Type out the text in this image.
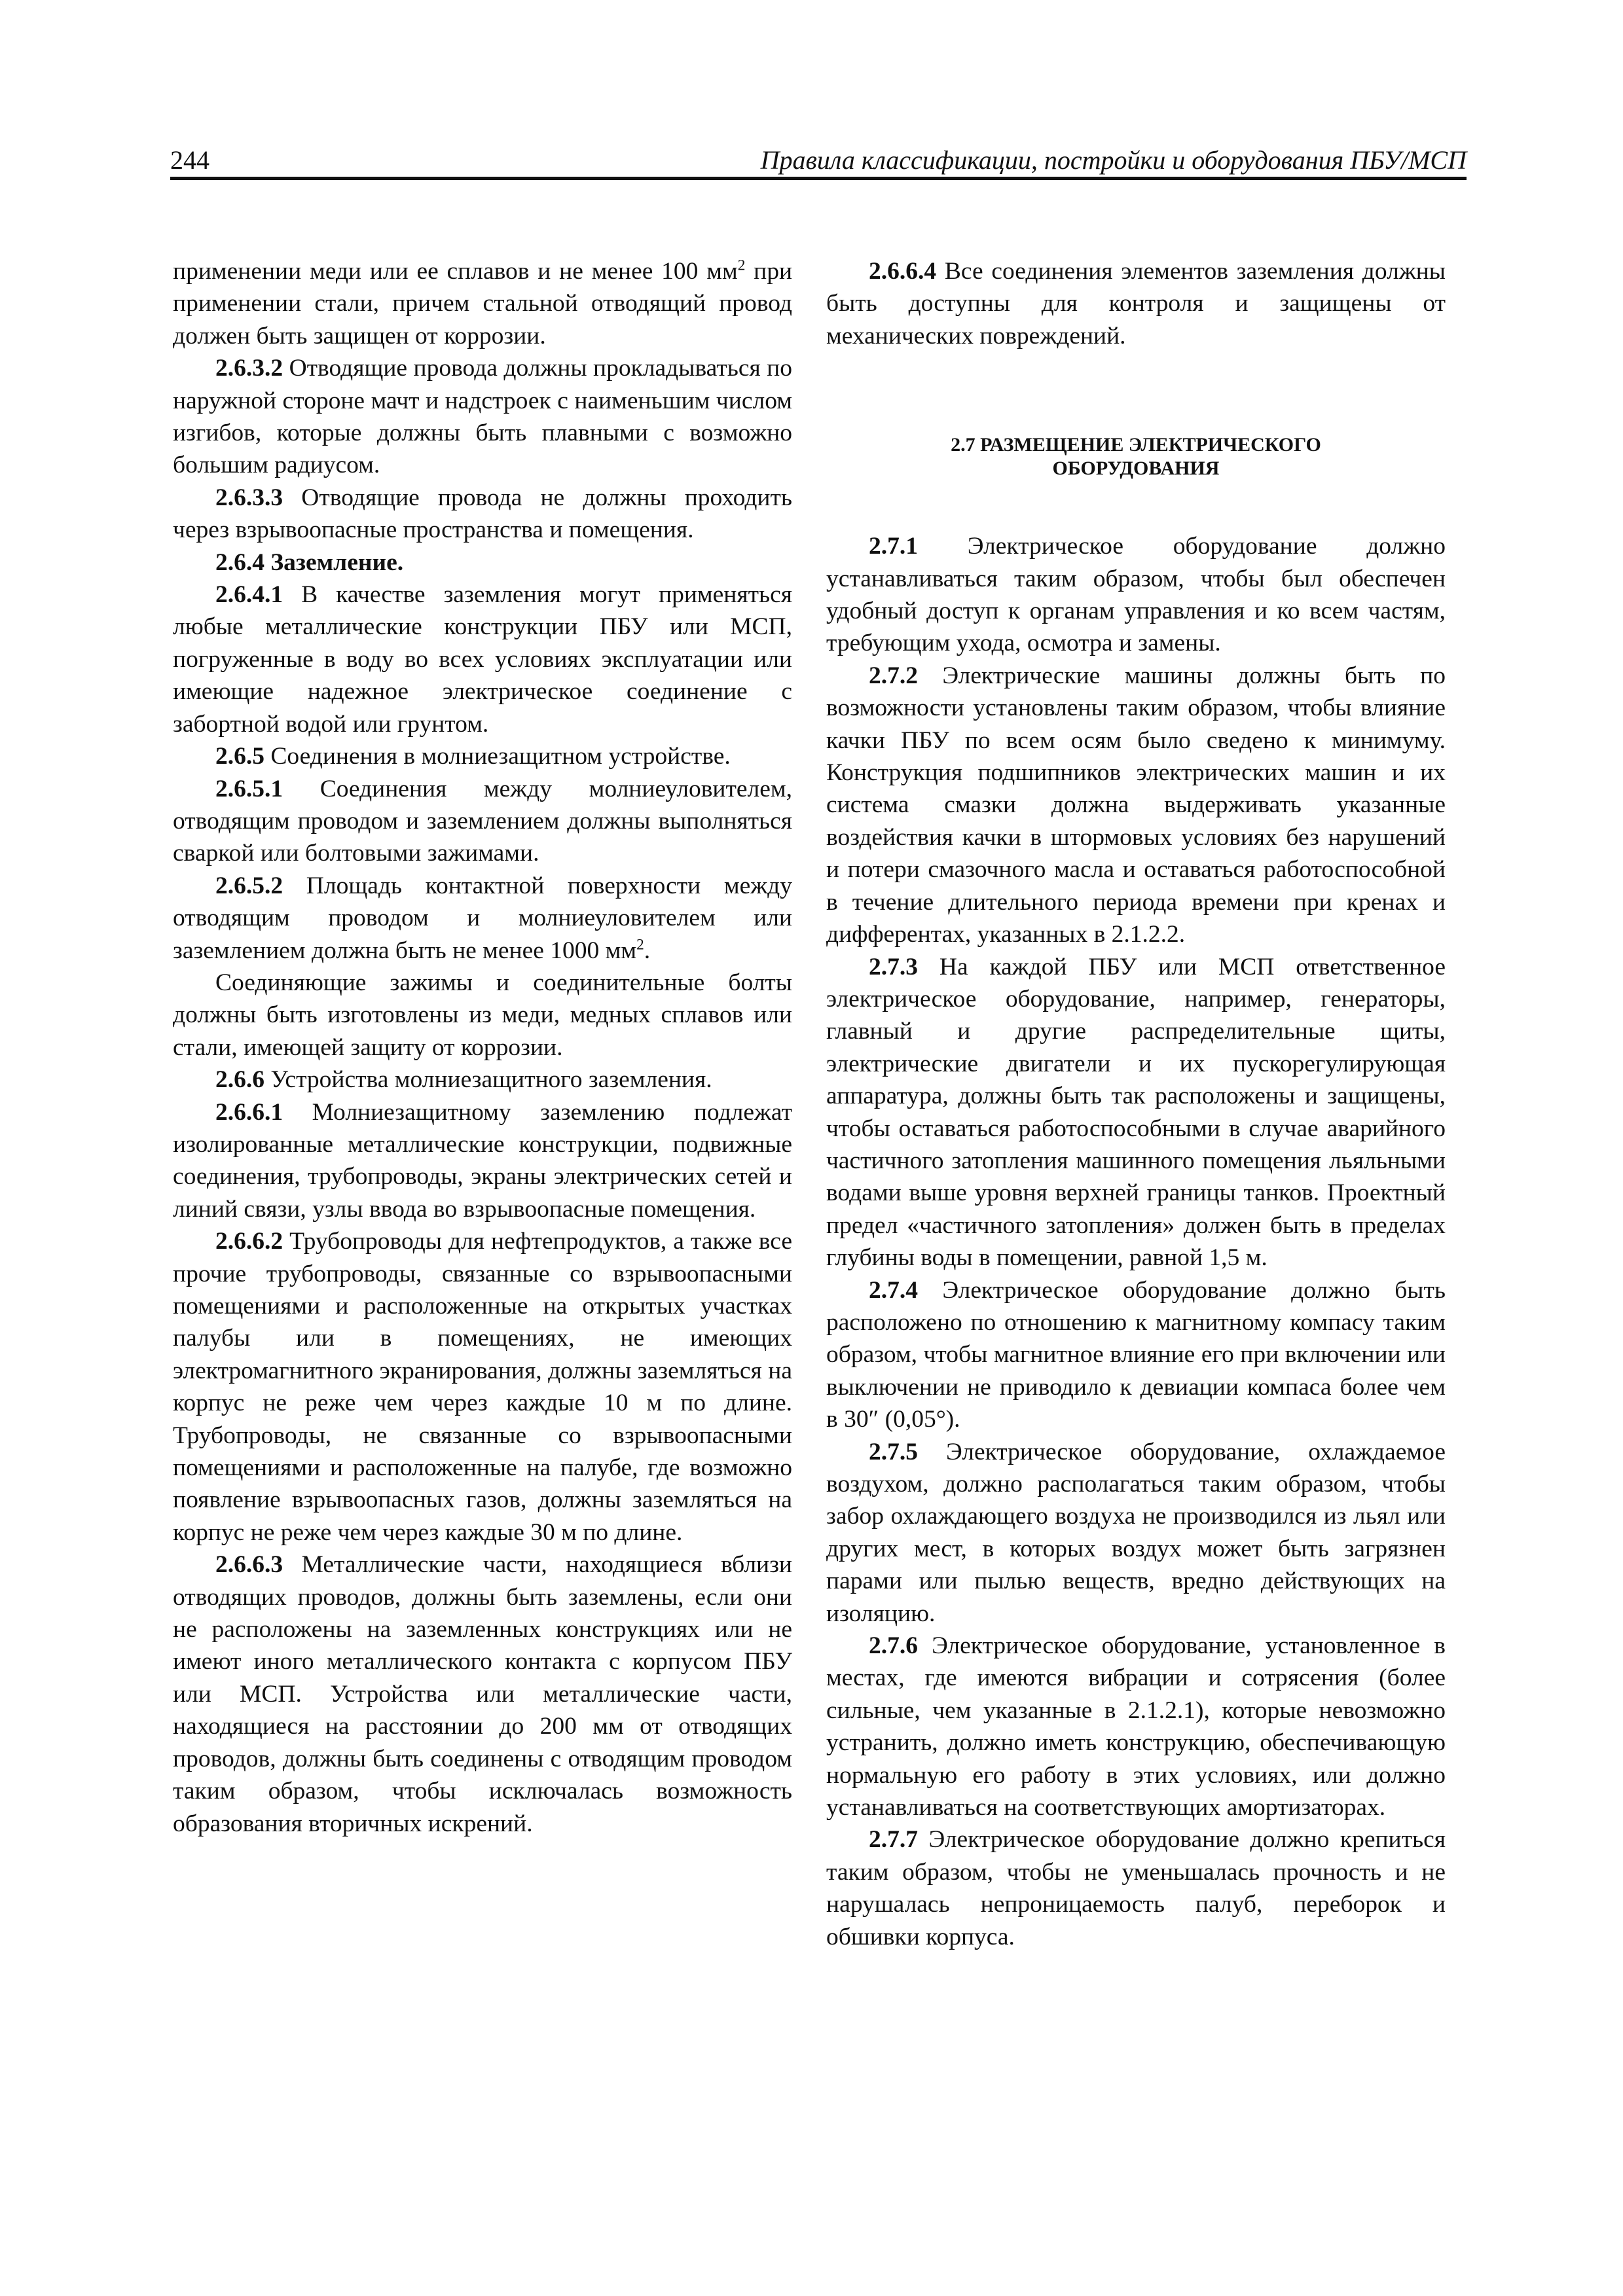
244	Правила классификации, постройки и оборудования ПБУ/МСП

применении меди или ее сплавов и не менее 100 $мм^2$ при применении стали, причем стальной отводящий провод должен быть защищен от коррозии.

2.6.3.2 Отводящие провода должны прокладываться по наружной стороне мачт и надстроек с наименьшим числом изгибов, которые должны быть плавными с возможно большим радиусом.

2.6.3.3 Отводящие провода не должны проходить через взрывоопасные пространства и помещения.

2.6.4 Заземление.

2.6.4.1 В качестве заземления могут применяться любые металлические конструкции ПБУ или МСП, погруженные в воду во всех условиях эксплуатации или имеющие надежное электрическое соединение с забортной водой или грунтом.

2.6.5 Соединения в молниезащитном устройстве.

2.6.5.1 Соединения между молниеуловителем, отводящим проводом и заземлением должны выполняться сваркой или болтовыми зажимами.

2.6.5.2 Площадь контактной поверхности между отводящим проводом и молниеуловителем или заземлением должна быть не менее 1000 $мм^2$.

Соединяющие зажимы и соединительные болты должны быть изготовлены из меди, медных сплавов или стали, имеющей защиту от коррозии.

2.6.6 Устройства молниезащитного заземления.

2.6.6.1 Молниезащитному заземлению подлежат изолированные металлические конструкции, подвижные соединения, трубопроводы, экраны электрических сетей и линий связи, узлы ввода во взрывоопасные помещения.

2.6.6.2 Трубопроводы для нефтепродуктов, а также все прочие трубопроводы, связанные со взрывоопасными помещениями и расположенные на открытых участках палубы или в помещениях, не имеющих электромагнитного экранирования, должны заземляться на корпус не реже чем через каждые 10 м по длине. Трубопроводы, не связанные со взрывоопасными помещениями и расположенные на палубе, где возможно появление взрывоопасных газов, должны заземляться на корпус не реже чем через каждые 30 м по длине.

2.6.6.3 Металлические части, находящиеся вблизи отводящих проводов, должны быть заземлены, если они не расположены на заземленных конструкциях или не имеют иного металлического контакта с корпусом ПБУ или МСП. Устройства или металлические части, находящиеся на расстоянии до 200 мм от отводящих проводов, должны быть соединены с отводящим проводом таким образом, чтобы исключалась возможность образования вторичных искрений.

2.6.6.4 Все соединения элементов заземления должны быть доступны для контроля и защищены от механических повреждений.

2.7 РАЗМЕЩЕНИЕ ЭЛЕКТРИЧЕСКОГО
ОБОРУДОВАНИЯ

2.7.1 Электрическое оборудование должно устанавливаться таким образом, чтобы был обеспечен удобный доступ к органам управления и ко всем частям, требующим ухода, осмотра и замены.

2.7.2 Электрические машины должны быть по возможности установлены таким образом, чтобы влияние качки ПБУ по всем осям было сведено к минимуму. Конструкция подшипников электрических машин и их система смазки должна выдерживать указанные воздействия качки в штормовых условиях без нарушений и потери смазочного масла и оставаться работоспособной в течение длительного периода времени при кренах и дифферентах, указанных в 2.1.2.2.

2.7.3 На каждой ПБУ или МСП ответственное электрическое оборудование, например, генераторы, главный и другие распределительные щиты, электрические двигатели и их пускорегулирующая аппаратура, должны быть так расположены и защищены, чтобы оставаться работоспособными в случае аварийного частичного затопления машинного помещения льяльными водами выше уровня верхней границы танков. Проектный предел «частичного затопления» должен быть в пределах глубины воды в помещении, равной 1,5 м.

2.7.4 Электрическое оборудование должно быть расположено по отношению к магнитному компасу таким образом, чтобы магнитное влияние его при включении или выключении не приводило к девиации компаса более чем в 30″ (0,05°).

2.7.5 Электрическое оборудование, охлаждаемое воздухом, должно располагаться таким образом, чтобы забор охлаждающего воздуха не производился из льял или других мест, в которых воздух может быть загрязнен парами или пылью веществ, вредно действующих на изоляцию.

2.7.6 Электрическое оборудование, установленное в местах, где имеются вибрации и сотрясения (более сильные, чем указанные в 2.1.2.1), которые невозможно устранить, должно иметь конструкцию, обеспечивающую нормальную его работу в этих условиях, или должно устанавливаться на соответствующих амортизаторах.

2.7.7 Электрическое оборудование должно крепиться таким образом, чтобы не уменьшалась прочность и не нарушалась непроницаемость палуб, переборок и обшивки корпуса.
